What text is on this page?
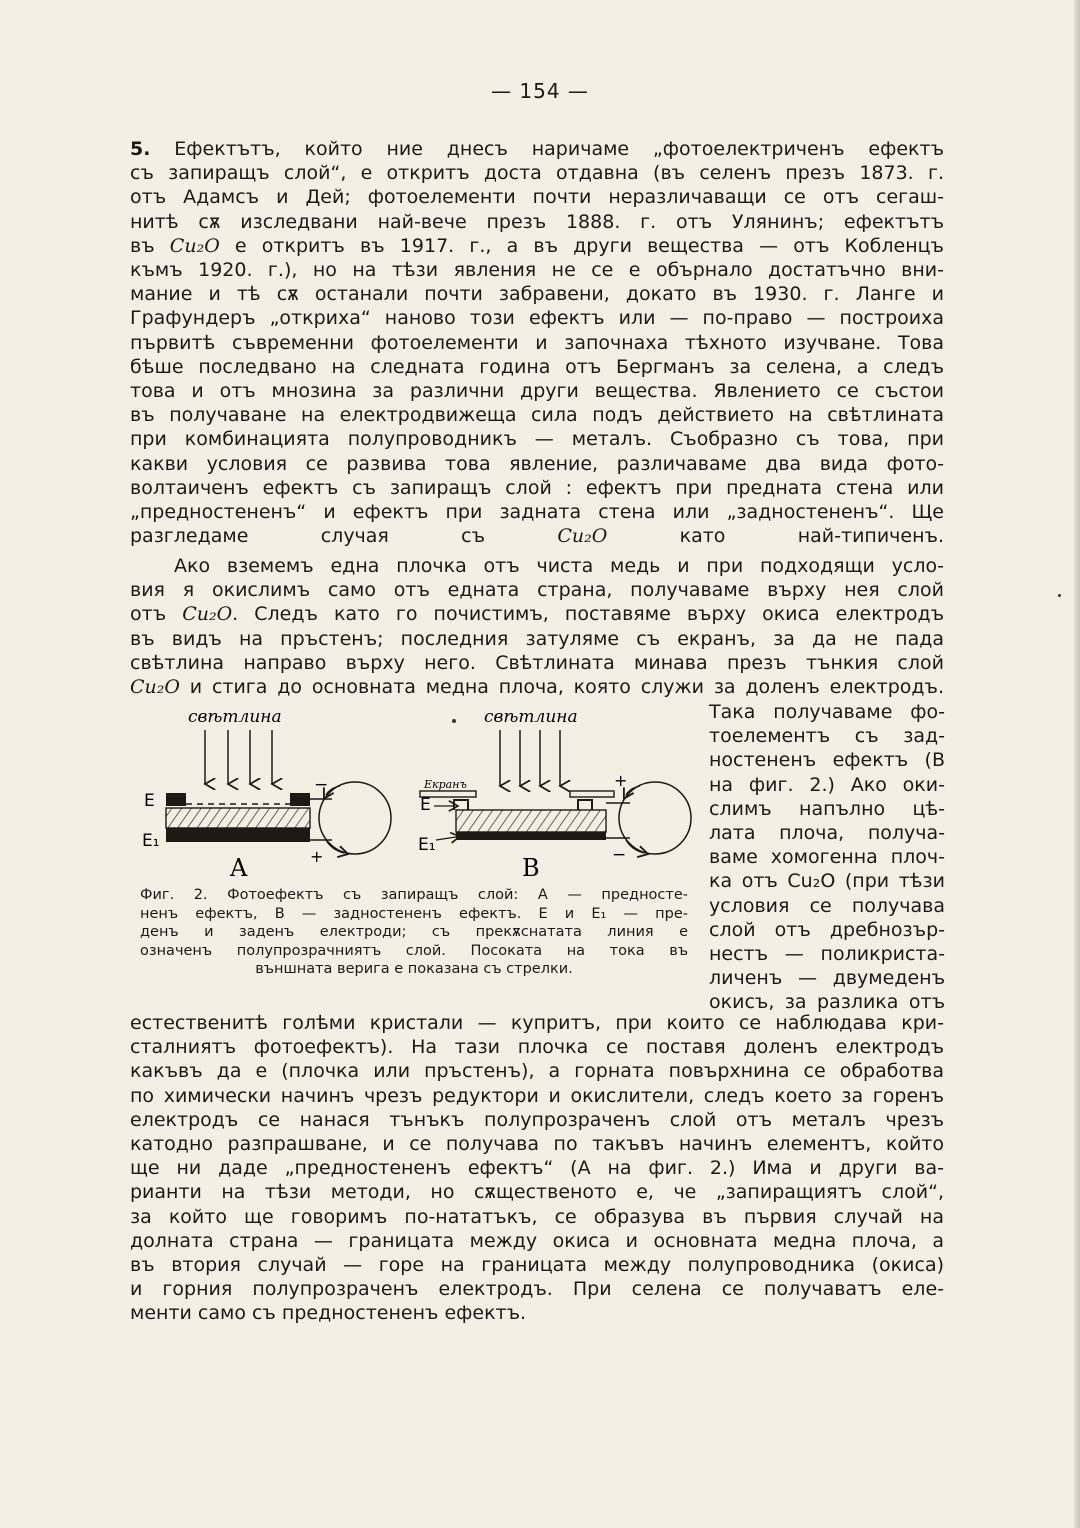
— 154 —
5. Ефектътъ, който ние днесъ наричаме „фотоелектриченъ ефектъ
съ запиращъ слой“, е откритъ доста отдавна (въ селенъ презъ 1873. г.
отъ Адамсъ и Дей; фотоелементи почти неразличаващи се отъ сегаш-
нитѣ сѫ изследвани най-вече презъ 1888. г. отъ Улянинъ; ефектътъ
въ Cu₂O е откритъ въ 1917. г., а въ други вещества — отъ Кобленцъ
къмъ 1920. г.), но на тѣзи явления не се е обърнало достатъчно вни-
мание и тѣ сѫ останали почти забравени, докато въ 1930. г. Ланге и
Графундеръ „откриха“ наново този ефектъ или — по-право — построиха
първитѣ съвременни фотоелементи и започнаха тѣхното изучване. Това
бѣше последвано на следната година отъ Бергманъ за селена, а следъ
това и отъ мнозина за различни други вещества. Явлението се състои
въ получаване на електродвижеща сила подъ действието на свѣтлината
при комбинацията полупроводникъ — металъ. Съобразно съ това, при
какви условия се развива това явление, различаваме два вида фото-
волтаиченъ ефектъ съ запиращъ слой : ефектъ при предната стена или
„предностененъ“ и ефектъ при задната стена или „задностененъ“. Ще
разгледаме случая съ Cu₂O като най-типиченъ.
Ако вземемъ една плочка отъ чиста медь и при подходящи усло-
вия я окислимъ само отъ едната страна, получаваме върху нея слой
отъ Cu₂O. Следъ като го почистимъ, поставяме върху окиса електродъ
въ видъ на пръстенъ; последния затуляме съ екранъ, за да не пада
свѣтлина направо върху него. Свѣтлината минава презъ тънкия слой
Cu₂O и стига до основната медна плоча, която служи за доленъ електродъ.
Така получаваме фо-
тоелементъ съ зад-
ностененъ ефектъ (B
на фиг. 2.) Ако оки-
слимъ напълно цѣ-
лата плоча, получа-
ваме хомогенна плоч-
ка отъ Cu₂O (при тѣзи
условия се получава
слой отъ дребнозър-
нестъ — поликриста-
личенъ — двумеденъ
окисъ, за разлика отъ
свѣтлина
E
E₁
−
+
A
свѣтлина
Екранъ
E
E₁
+
−
B
Фиг. 2. Фотоефектъ съ запиращъ слой: A — предносте-
ненъ ефектъ, B — задностененъ ефектъ. E и E₁ — пре-
денъ и заденъ електроди; съ прекѫснатата линия е
означенъ полупрозрачниятъ слой. Посоката на тока въ
външната верига е показана съ стрелки.
естественитѣ голѣми кристали — купритъ, при които се наблюдава кри-
сталниятъ фотоефектъ). На тази плочка се поставя доленъ електродъ
какъвъ да е (плочка или пръстенъ), а горната повърхнина се обработва
по химически начинъ чрезъ редуктори и окислители, следъ което за горенъ
електродъ се нанася тънъкъ полупрозраченъ слой отъ металъ чрезъ
катодно разпрашване, и се получава по такъвъ начинъ елементъ, който
ще ни даде „предностененъ ефектъ“ (A на фиг. 2.) Има и други ва-
рианти на тѣзи методи, но сѫщественото е, че „запиращиятъ слой“,
за който ще говоримъ по-нататъкъ, се образува въ първия случай на
долната страна — границата между окиса и основната медна плоча, а
въ втория случай — горе на границата между полупроводника (окиса)
и горния полупрозраченъ електродъ. При селена се получаватъ еле-
менти само съ предностененъ ефектъ.
